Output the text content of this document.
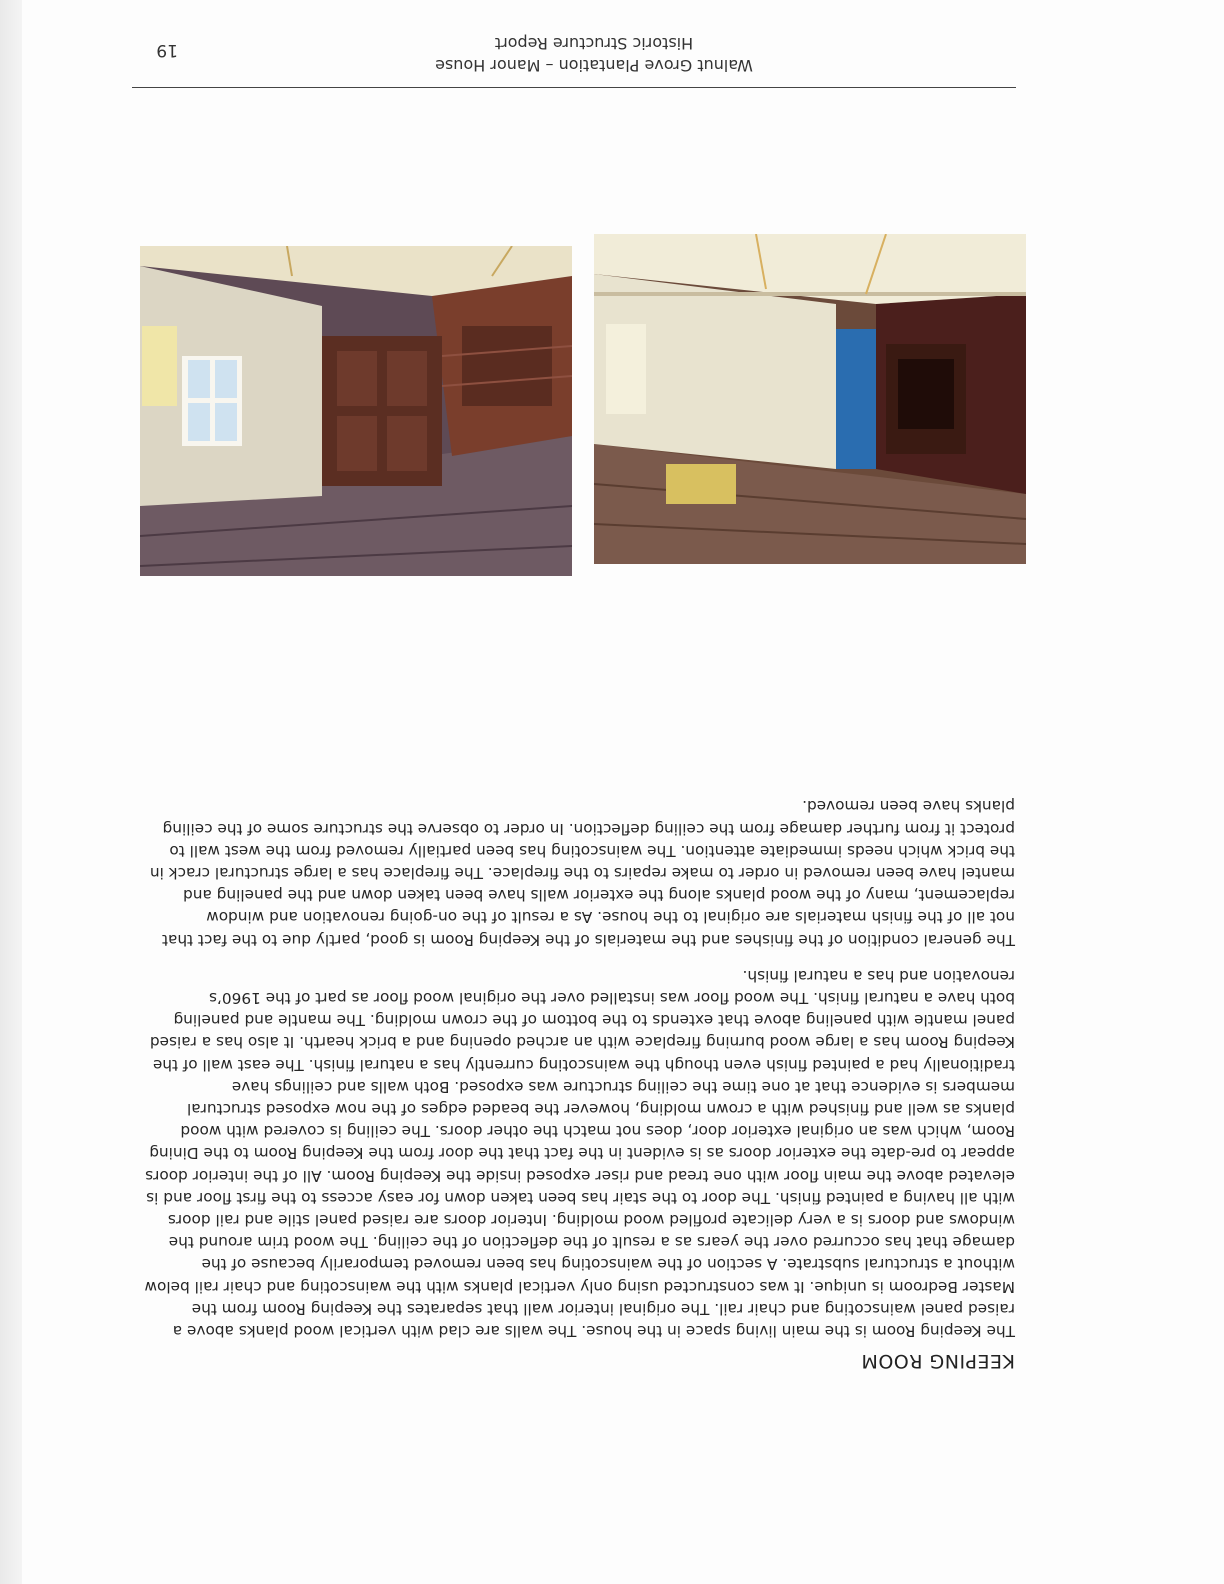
KEEPING ROOM

The Keeping Room is the main living space in the house. The walls are clad with vertical wood planks above a raised panel wainscoting and chair rail. The original interior wall that separates the Keeping Room from the Master Bedroom is unique. It was constructed using only vertical planks with the wainscoting and chair rail below without a structural substrate. A section of the wainscoting has been removed temporarily because of the damage that has occurred over the years as a result of the deflection of the ceiling. The wood trim around the windows and doors is a very delicate profiled wood molding. Interior doors are raised panel stile and rail doors with all having a painted finish. The door to the stair has been taken down for easy access to the first floor and is elevated above the main floor with one tread and riser exposed inside the Keeping Room. All of the interior doors appear to pre-date the exterior doors as is evident in the fact that the door from the Keeping Room to the Dining Room, which was an original exterior door, does not match the other doors. The ceiling is covered with wood planks as well and finished with a crown molding, however the beaded edges of the now exposed structural members is evidence that at one time the ceiling structure was exposed. Both walls and ceilings have traditionally had a painted finish even though the wainscoting currently has a natural finish. The east wall of the Keeping Room has a large wood burning fireplace with an arched opening and a brick hearth. It also has a raised panel mantle with paneling above that extends to the bottom of the crown molding. The mantle and paneling both have a natural finish. The wood floor was installed over the original wood floor as part of the 1960’s renovation and has a natural finish.

The general condition of the finishes and the materials of the Keeping Room is good, partly due to the fact that not all of the finish materials are original to the house. As a result of the on-going renovation and window replacement, many of the wood planks along the exterior walls have been taken down and the paneling and mantel have been removed in order to make repairs to the fireplace. The fireplace has a large structural crack in the brick which needs immediate attention. The wainscoting has been partially removed from the west wall to protect it from further damage from the ceiling deflection. In order to observe the structure some of the ceiling planks have been removed.

Walnut Grove Plantation – Manor House
Historic Structure Report
19
